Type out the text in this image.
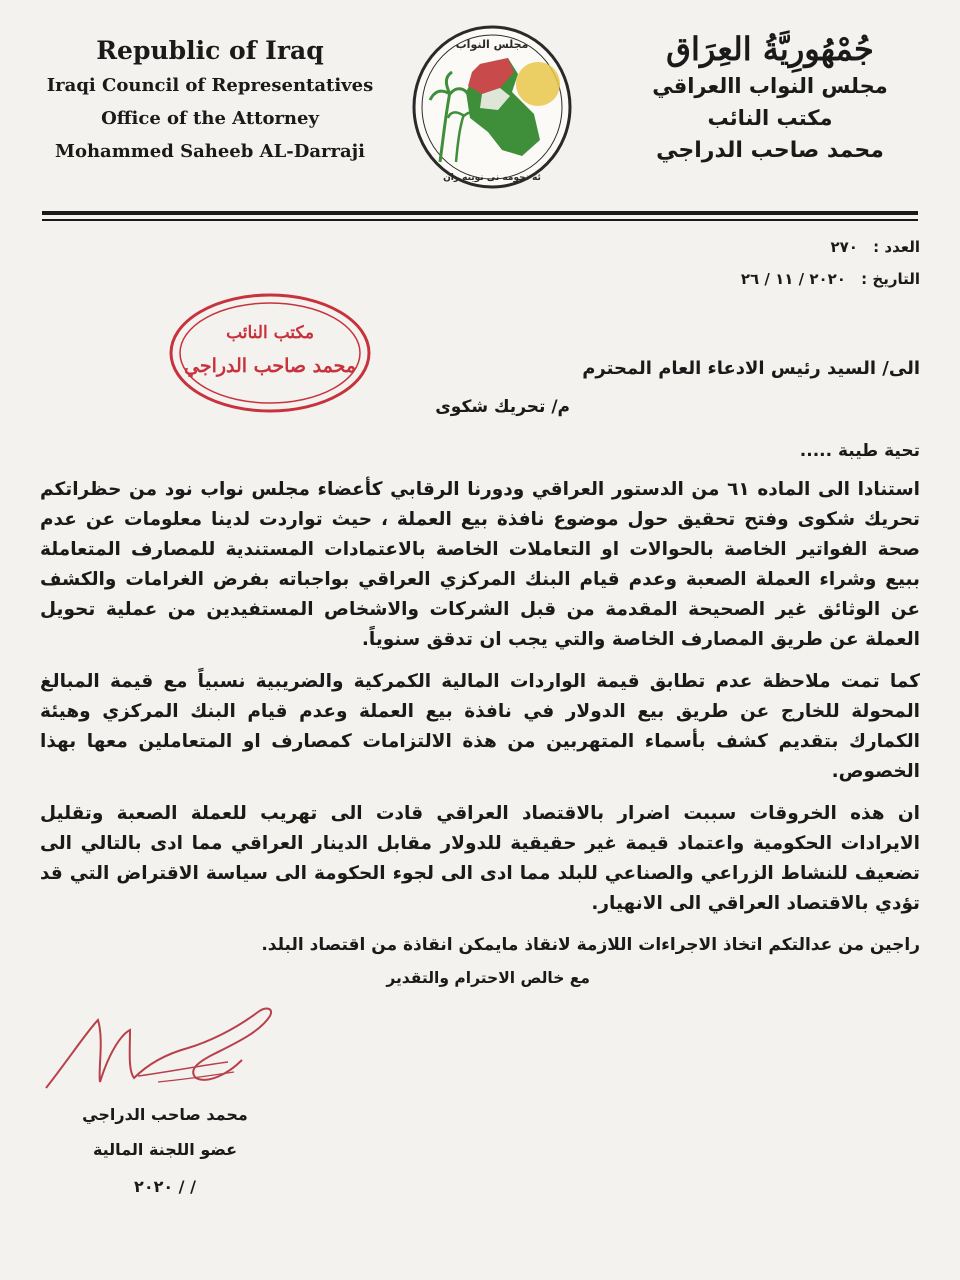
Republic of Iraq
Iraqi Council of Representatives
Office of the Attorney
Mohammed Saheeb AL-Darraji
مجلس النواب
ئه نجومه نى نوينه ران
جُمْهُورِيَّةُ العِرَاق
مجلس النواب االعراقي
مكتب النائب
محمد صاحب الدراجي
العدد : ٢٧٠
التاريخ : ٢٠٢٠ / ١١ / ٢٦
مكتب النائب
محمد صاحب الدراجي	الى/ السيد رئيس الادعاء العام المحترم

م/ تحريك شكوى

تحية طيبة .....

استنادا الى الماده ٦١ من الدستور العراقي ودورنا الرقابي كأعضاء مجلس نواب نود من حظراتكم تحريك شكوى وفتح تحقيق حول موضوع نافذة بيع العملة ، حيث تواردت لدينا معلومات عن عدم صحة الفواتير الخاصة بالحوالات او التعاملات الخاصة بالاعتمادات المستندية للمصارف المتعاملة ببيع وشراء العملة الصعبة وعدم قيام البنك المركزي العراقي بواجباته بفرض الغرامات والكشف عن الوثائق غير الصحيحة المقدمة من قبل الشركات والاشخاص المستفيدين من عملية تحويل العملة عن طريق المصارف الخاصة والتي يجب ان تدقق سنوياً.

كما تمت ملاحظة عدم تطابق قيمة الواردات المالية الكمركية والضريبية نسبياً مع قيمة المبالغ المحولة للخارج عن طريق بيع الدولار في نافذة بيع العملة وعدم قيام البنك المركزي وهيئة الكمارك بتقديم كشف بأسماء المتهربين من هذة الالتزامات كمصارف او المتعاملين معها بهذا الخصوص.

ان هذه الخروقات سببت اضرار بالاقتصاد العراقي قادت الى تهريب للعملة الصعبة وتقليل الايرادات الحكومية واعتماد قيمة غير حقيقية للدولار مقابل الدينار العراقي مما ادى بالتالي الى تضعيف للنشاط الزراعي والصناعي للبلد مما ادى الى لجوء الحكومة الى سياسة الاقتراض التي قد تؤدي بالاقتصاد العراقي الى الانهيار.

راجين من عدالتكم اتخاذ الاجراءات اللازمة لانقاذ مايمكن انقاذة من اقتصاد البلد.

مع خالص الاحترام والتقدير

محمد صاحب الدراجي
عضو اللجنة المالية
٢٠٢٠ / /
